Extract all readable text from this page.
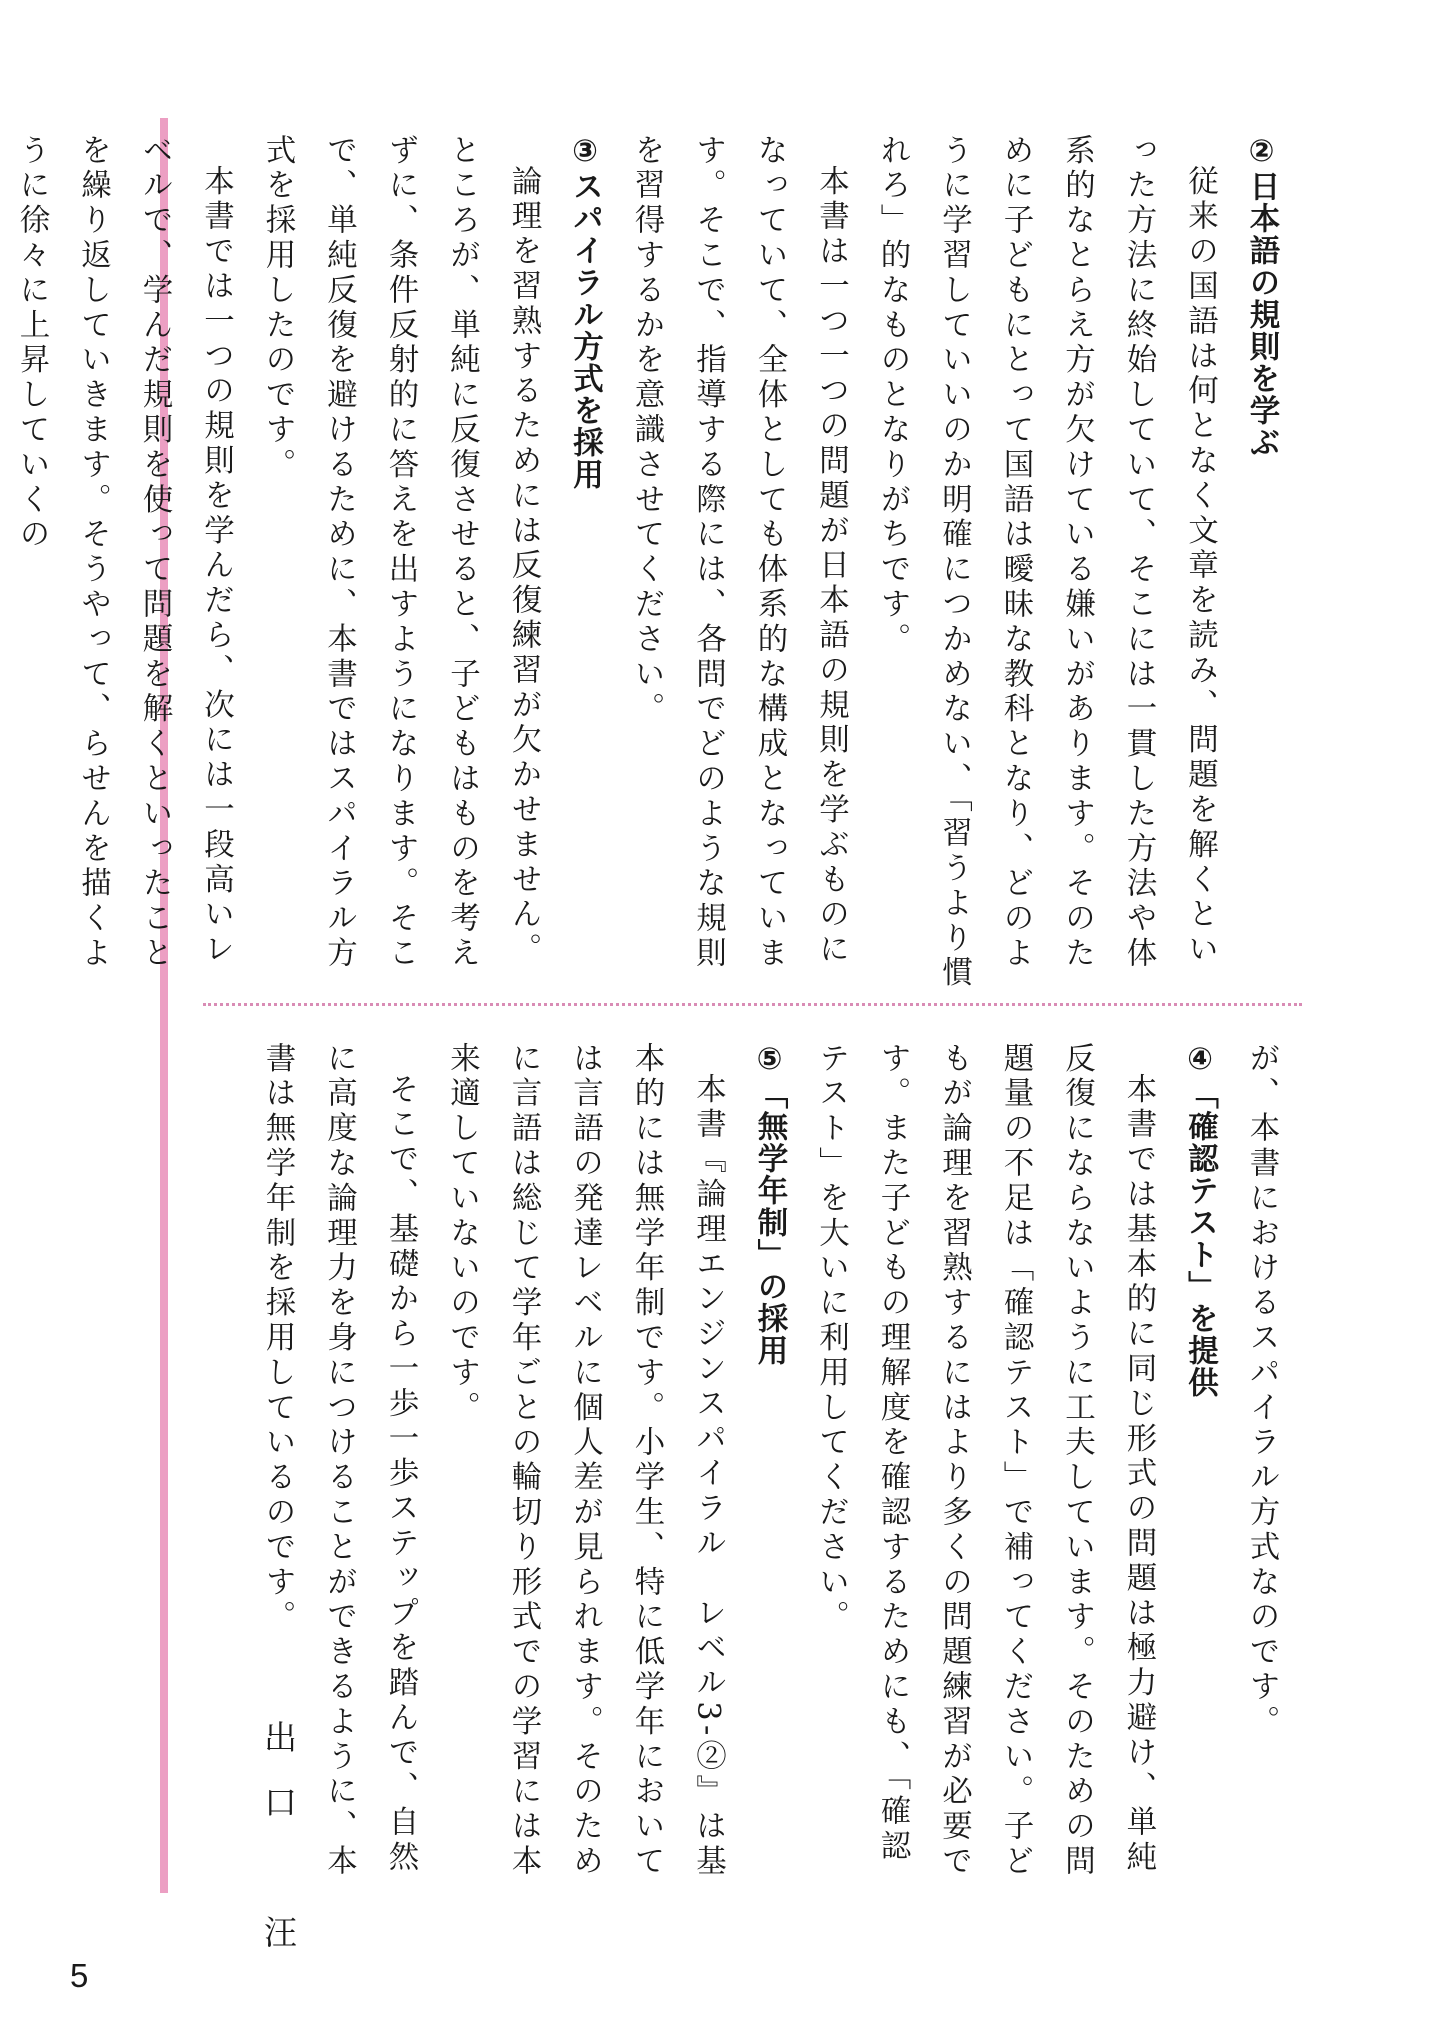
②日本語の規則を学ぶ
従来の国語は何となく文章を読み、問題を解くといった方法に終始していて、そこには一貫した方法や体系的なとらえ方が欠けている嫌いがあります。そのために子どもにとって国語は曖昧な教科となり、どのように学習していいのか明確につかめない、「習うより慣れろ」的なものとなりがちです。
本書は一つ一つの問題が日本語の規則を学ぶものになっていて、全体としても体系的な構成となっています。そこで、指導する際には、各問でどのような規則を習得するかを意識させてください。
③スパイラル方式を採用
論理を習熟するためには反復練習が欠かせません。ところが、単純に反復させると、子どもはものを考えずに、条件反射的に答えを出すようになります。そこで、単純反復を避けるために、本書ではスパイラル方式を採用したのです。
本書では一つの規則を学んだら、次には一段高いレベルで、学んだ規則を使って問題を解くといったことを繰り返していきます。そうやって、らせんを描くように徐々に上昇していくの
が、本書におけるスパイラル方式なのです。
④「確認テスト」を提供
本書では基本的に同じ形式の問題は極力避け、単純反復にならないように工夫しています。そのための問題量の不足は「確認テスト」で補ってください。子どもが論理を習熟するにはより多くの問題練習が必要です。また子どもの理解度を確認するためにも、「確認テスト」を大いに利用してください。
⑤「無学年制」の採用
本書『論理エンジンスパイラル　レベル3-②』は基本的には無学年制です。小学生、特に低学年においては言語の発達レベルに個人差が見られます。そのために言語は総じて学年ごとの輪切り形式での学習には本来適していないのです。
そこで、基礎から一歩一歩ステップを踏んで、自然に高度な論理力を身につけることができるように、本書は無学年制を採用しているのです。
出口　汪
5
